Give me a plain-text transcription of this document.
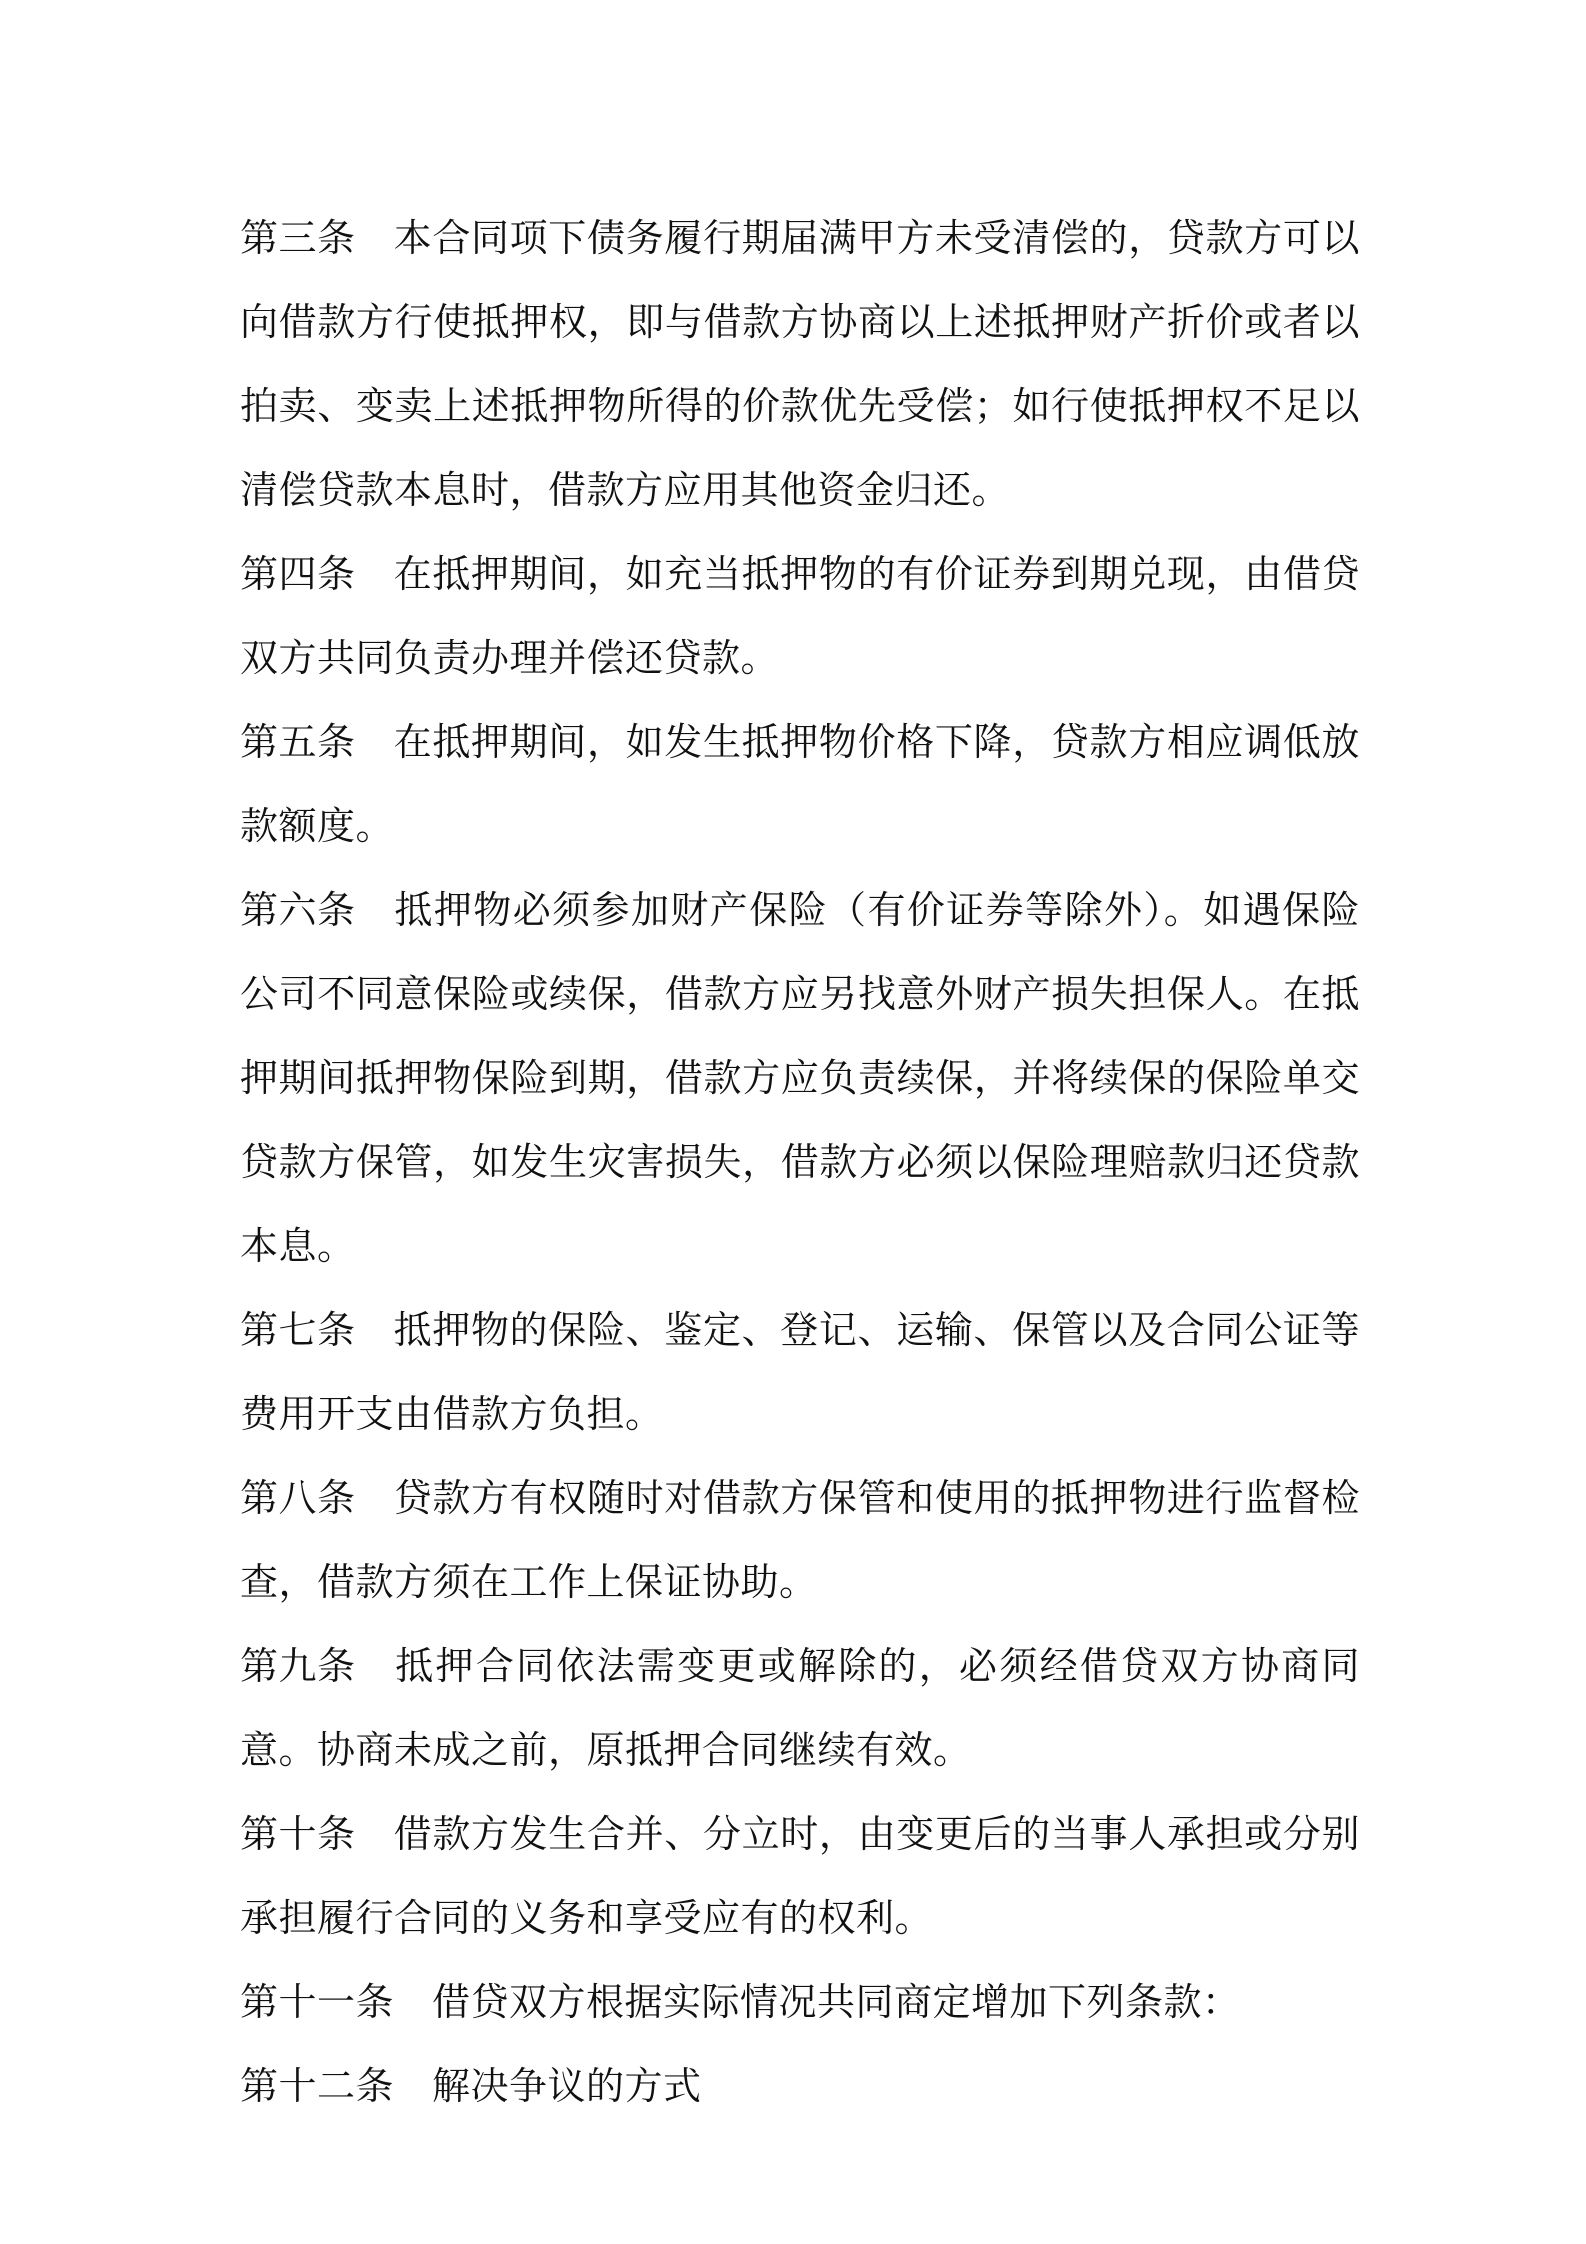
第三条 本合同项下债务履行期届满甲方未受清偿的，贷款方可以向借款方行使抵押权，即与借款方协商以上述抵押财产折价或者以拍卖、变卖上述抵押物所得的价款优先受偿；如行使抵押权不足以清偿贷款本息时，借款方应用其他资金归还。

第四条 在抵押期间，如充当抵押物的有价证券到期兑现，由借贷双方共同负责办理并偿还贷款。

第五条 在抵押期间，如发生抵押物价格下降，贷款方相应调低放款额度。

第六条 抵押物必须参加财产保险（有价证券等除外）。如遇保险公司不同意保险或续保，借款方应另找意外财产损失担保人。在抵押期间抵押物保险到期，借款方应负责续保，并将续保的保险单交贷款方保管，如发生灾害损失，借款方必须以保险理赔款归还贷款本息。

第七条 抵押物的保险、鉴定、登记、运输、保管以及合同公证等费用开支由借款方负担。

第八条 贷款方有权随时对借款方保管和使用的抵押物进行监督检查，借款方须在工作上保证协助。

第九条 抵押合同依法需变更或解除的，必须经借贷双方协商同意。协商未成之前，原抵押合同继续有效。

第十条 借款方发生合并、分立时，由变更后的当事人承担或分别承担履行合同的义务和享受应有的权利。

第十一条 借贷双方根据实际情况共同商定增加下列条款：

第十二条 解决争议的方式
